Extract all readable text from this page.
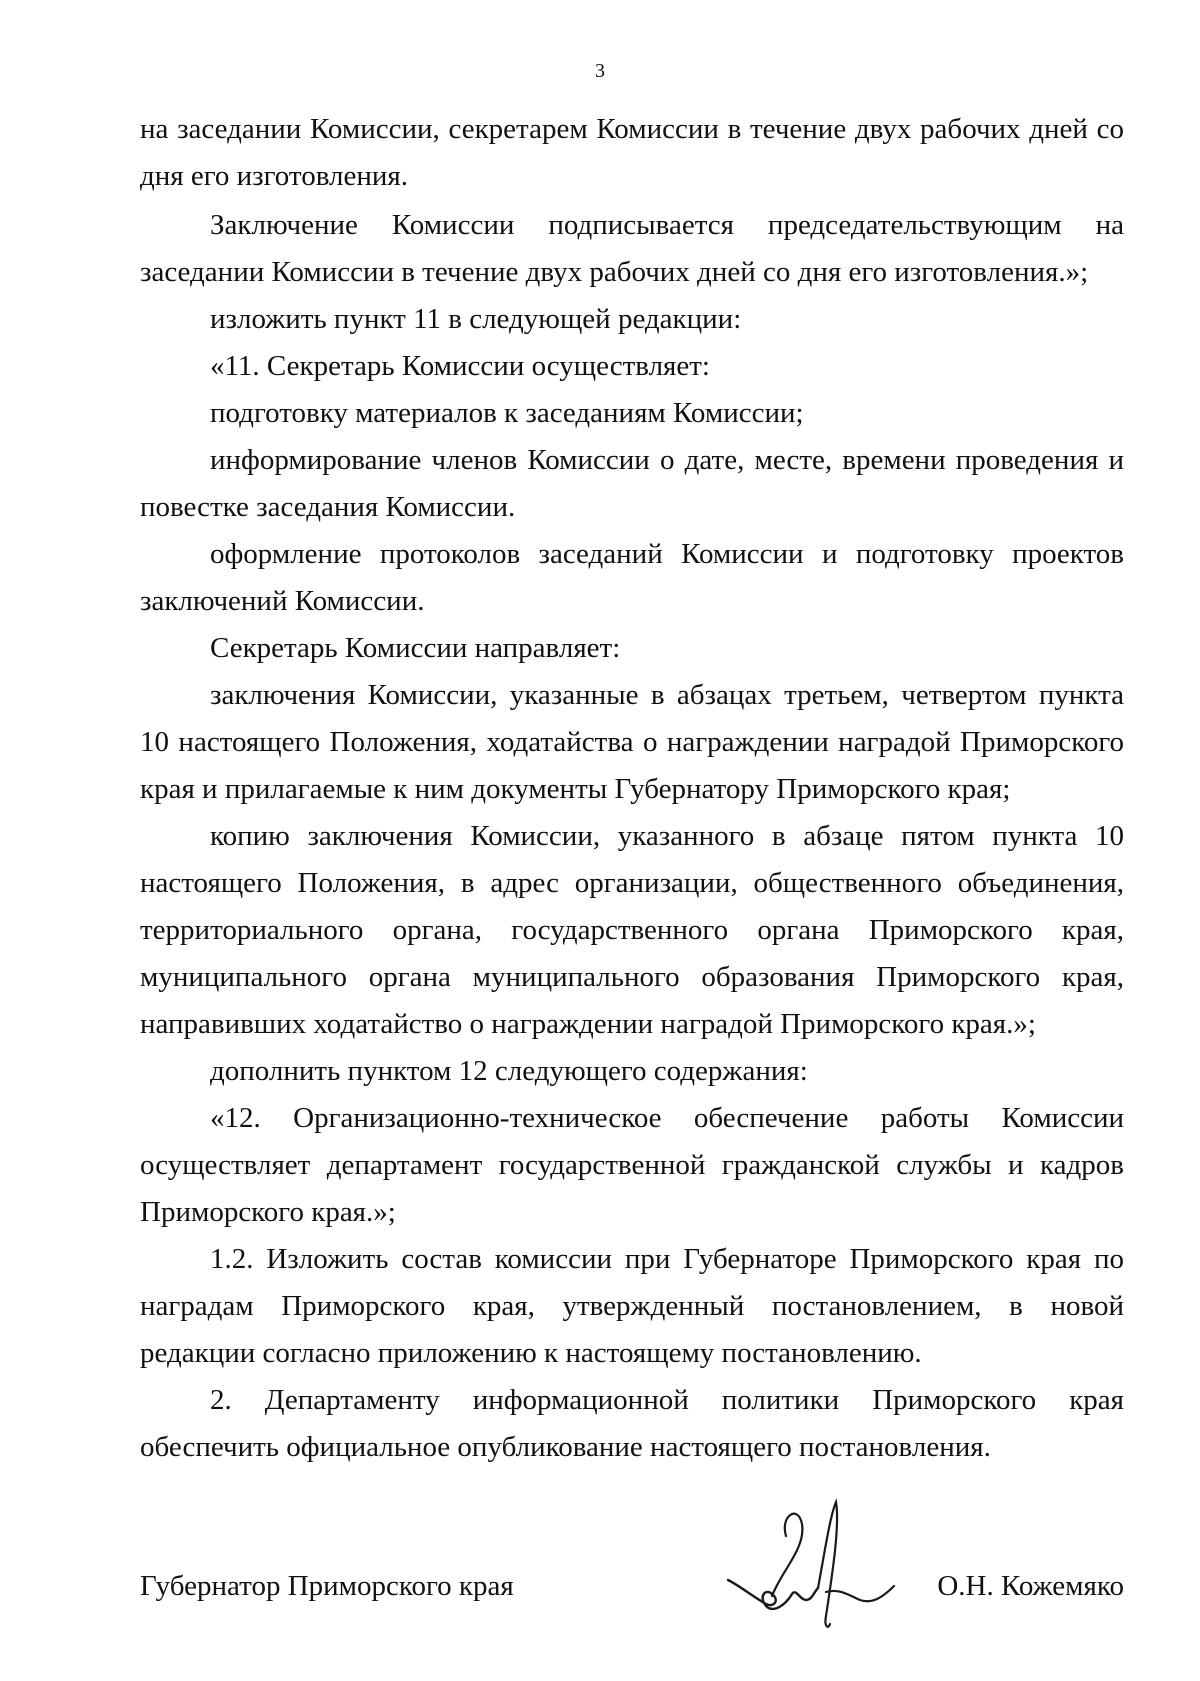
3

на заседании Комиссии, секретарем Комиссии в течение двух рабочих дней со дня его изготовления.

Заключение Комиссии подписывается председательствующим на заседании Комиссии в течение двух рабочих дней со дня его изготовления.»;

изложить пункт 11 в следующей редакции:

«11. Секретарь Комиссии осуществляет:

подготовку материалов к заседаниям Комиссии;

информирование членов Комиссии о дате, месте, времени проведения и повестке заседания Комиссии.

оформление протоколов заседаний Комиссии и подготовку проектов заключений Комиссии.

Секретарь Комиссии направляет:

заключения Комиссии, указанные в абзацах третьем, четвертом пункта 10 настоящего Положения, ходатайства о награждении наградой Приморского края и прилагаемые к ним документы Губернатору Приморского края;

копию заключения Комиссии, указанного в абзаце пятом пункта 10 настоящего Положения, в адрес организации, общественного объединения, территориального органа, государственного органа Приморского края, муниципального органа муниципального образования Приморского края, направивших ходатайство о награждении наградой Приморского края.»;

дополнить пунктом 12 следующего содержания:

«12. Организационно-техническое обеспечение работы Комиссии осуществляет департамент государственной гражданской службы и кадров Приморского края.»;

1.2. Изложить состав комиссии при Губернаторе Приморского края по наградам Приморского края, утвержденный постановлением, в новой редакции согласно приложению к настоящему постановлению.

2. Департаменту информационной политики Приморского края обеспечить официальное опубликование настоящего постановления.

Губернатор Приморского края	О.Н. Кожемяко
